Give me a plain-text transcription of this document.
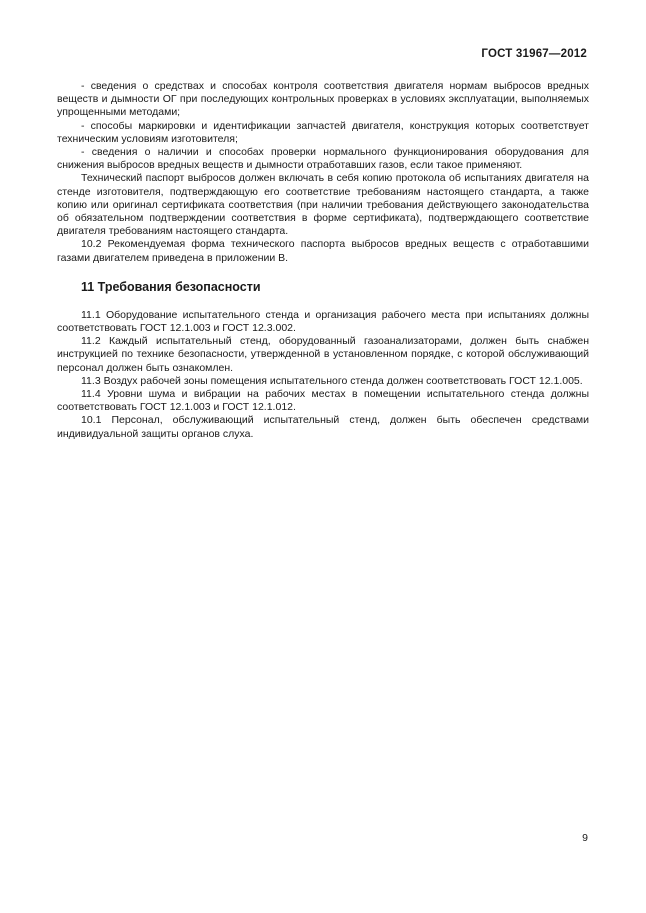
ГОСТ 31967—2012

- сведения о средствах и способах контроля соответствия двигателя нормам выбросов вредных веществ и дымности ОГ при последующих контрольных проверках в условиях эксплуатации, выполняемых упрощенными методами;

- способы маркировки и идентификации запчастей двигателя, конструкция которых соответствует техническим условиям изготовителя;

- сведения о наличии и способах проверки нормального функционирования оборудования для снижения выбросов вредных веществ и дымности отработавших газов, если такое применяют.

Технический паспорт выбросов должен включать в себя копию протокола об испытаниях двигателя на стенде изготовителя, подтверждающую его соответствие требованиям настоящего стандарта, а также копию или оригинал сертификата соответствия (при наличии требования действующего законодательства об обязательном подтверждении соответствия в форме сертификата), подтверждающего соответствие двигателя требованиям настоящего стандарта.

10.2 Рекомендуемая форма технического паспорта выбросов вредных веществ с отработавшими газами двигателем приведена в приложении В.

11 Требования безопасности

11.1 Оборудование испытательного стенда и организация рабочего места при испытаниях должны соответствовать ГОСТ 12.1.003 и ГОСТ 12.3.002.

11.2 Каждый испытательный стенд, оборудованный газоанализаторами, должен быть снабжен инструкцией по технике безопасности, утвержденной в установленном порядке, с которой обслуживающий персонал должен быть ознакомлен.

11.3 Воздух рабочей зоны помещения испытательного стенда должен соответствовать ГОСТ 12.1.005.

11.4 Уровни шума и вибрации на рабочих местах в помещении испытательного стенда должны соответствовать ГОСТ 12.1.003 и ГОСТ 12.1.012.

10.1 Персонал, обслуживающий испытательный стенд, должен быть обеспечен средствами индивидуальной защиты органов слуха.

9
